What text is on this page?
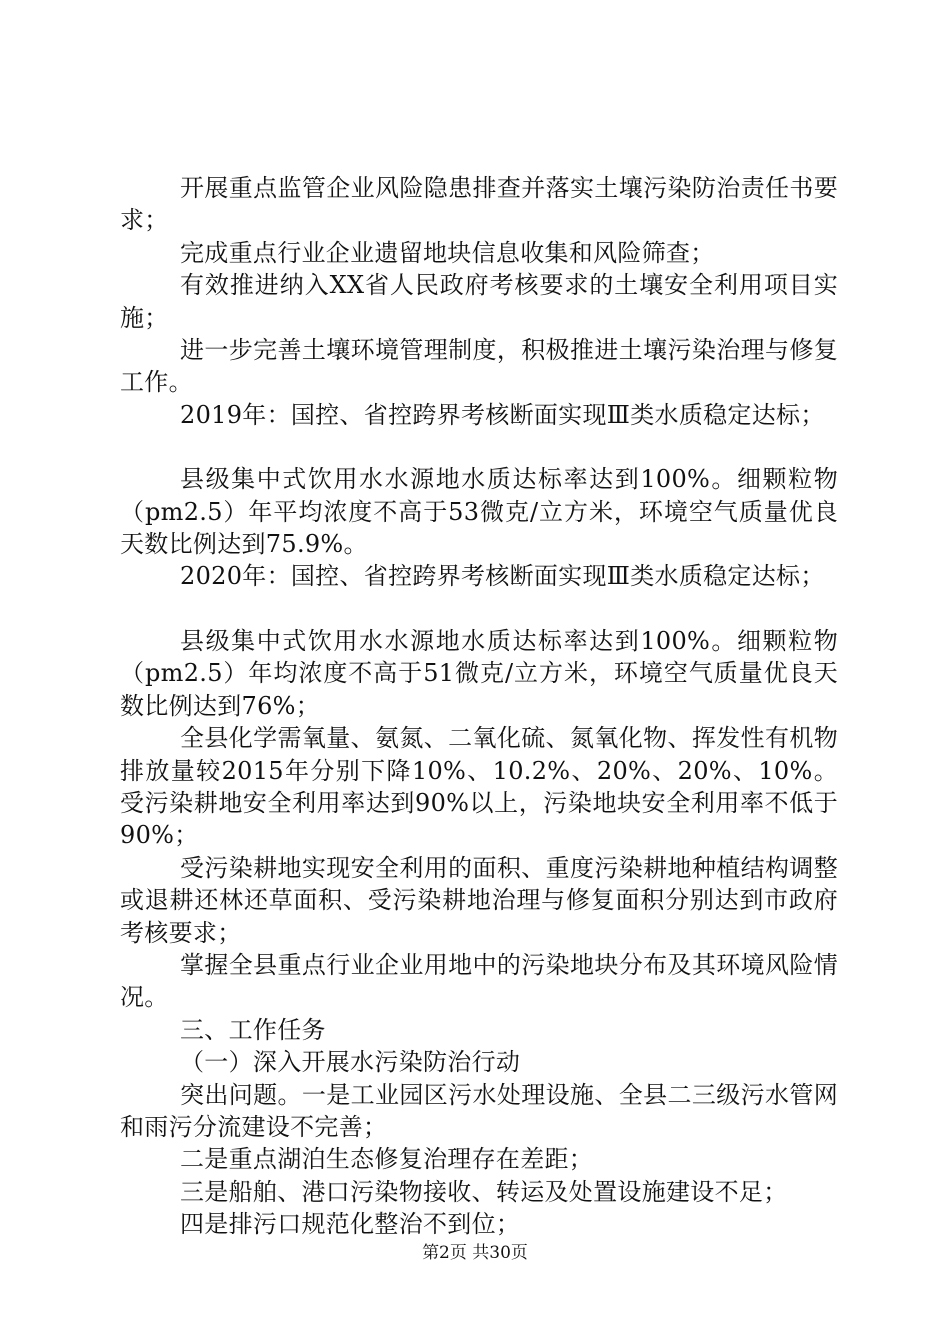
开展重点监管企业风险隐患排查并落实土壤污染防治责任书要求；

完成重点行业企业遗留地块信息收集和风险筛查；

有效推进纳入XX省人民政府考核要求的土壤安全利用项目实施；

进一步完善土壤环境管理制度，积极推进土壤污染治理与修复工作。

2019年：国控、省控跨界考核断面实现Ⅲ类水质稳定达标；

县级集中式饮用水水源地水质达标率达到100%。细颗粒物（pm2.5）年平均浓度不高于53微克/立方米，环境空气质量优良天数比例达到75.9%。

2020年：国控、省控跨界考核断面实现Ⅲ类水质稳定达标；

县级集中式饮用水水源地水质达标率达到100%。细颗粒物（pm2.5）年均浓度不高于51微克/立方米，环境空气质量优良天数比例达到76%；

全县化学需氧量、氨氮、二氧化硫、氮氧化物、挥发性有机物排放量较2015年分别下降10%、10.2%、20%、20%、10%。受污染耕地安全利用率达到90%以上，污染地块安全利用率不低于90%；

受污染耕地实现安全利用的面积、重度污染耕地种植结构调整或退耕还林还草面积、受污染耕地治理与修复面积分别达到市政府考核要求；

掌握全县重点行业企业用地中的污染地块分布及其环境风险情况。

三、工作任务

（一）深入开展水污染防治行动

突出问题。一是工业园区污水处理设施、全县二三级污水管网和雨污分流建设不完善；

二是重点湖泊生态修复治理存在差距；

三是船舶、港口污染物接收、转运及处置设施建设不足；

四是排污口规范化整治不到位；

第2页 共30页
